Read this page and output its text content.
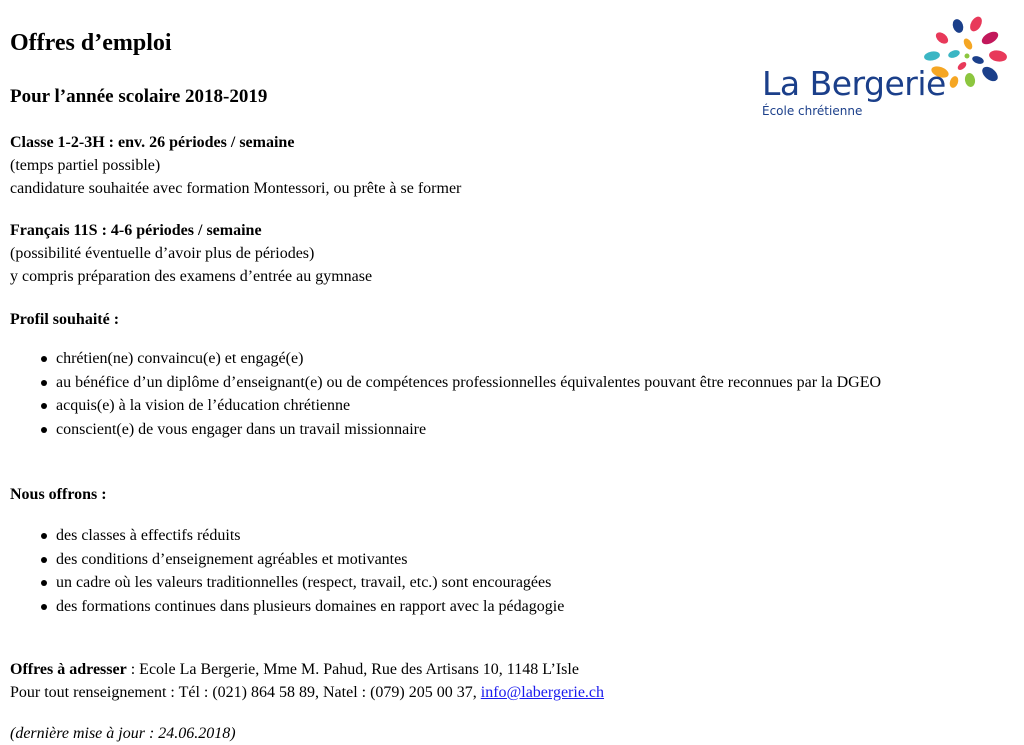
Offres d’emploi
Pour l’année scolaire 2018-2019
Classe 1-2-3H : env. 26 périodes / semaine
(temps partiel possible)
candidature souhaitée avec formation Montessori, ou prête à se former
Français 11S : 4-6 périodes / semaine
(possibilité éventuelle d’avoir plus de périodes)
y compris préparation des examens d’entrée au gymnase
Profil souhaité :
chrétien(ne) convaincu(e) et engagé(e)
au bénéfice d’un diplôme d’enseignant(e) ou de compétences professionnelles équivalentes pouvant être reconnues par la DGEO
acquis(e) à la vision de l’éducation chrétienne
conscient(e) de vous engager dans un travail missionnaire
Nous offrons :
des classes à effectifs réduits
des conditions d’enseignement agréables et motivantes
un cadre où les valeurs traditionnelles (respect, travail, etc.) sont encouragées
des formations continues dans plusieurs domaines en rapport avec la pédagogie
Offres à adresser : Ecole La Bergerie, Mme M. Pahud, Rue des Artisans 10, 1148 L’Isle
Pour tout renseignement : Tél : (021) 864 58 89, Natel : (079) 205 00 37, info@labergerie.ch
(dernière mise à jour : 24.06.2018)
La Bergerie
École chrétienne
